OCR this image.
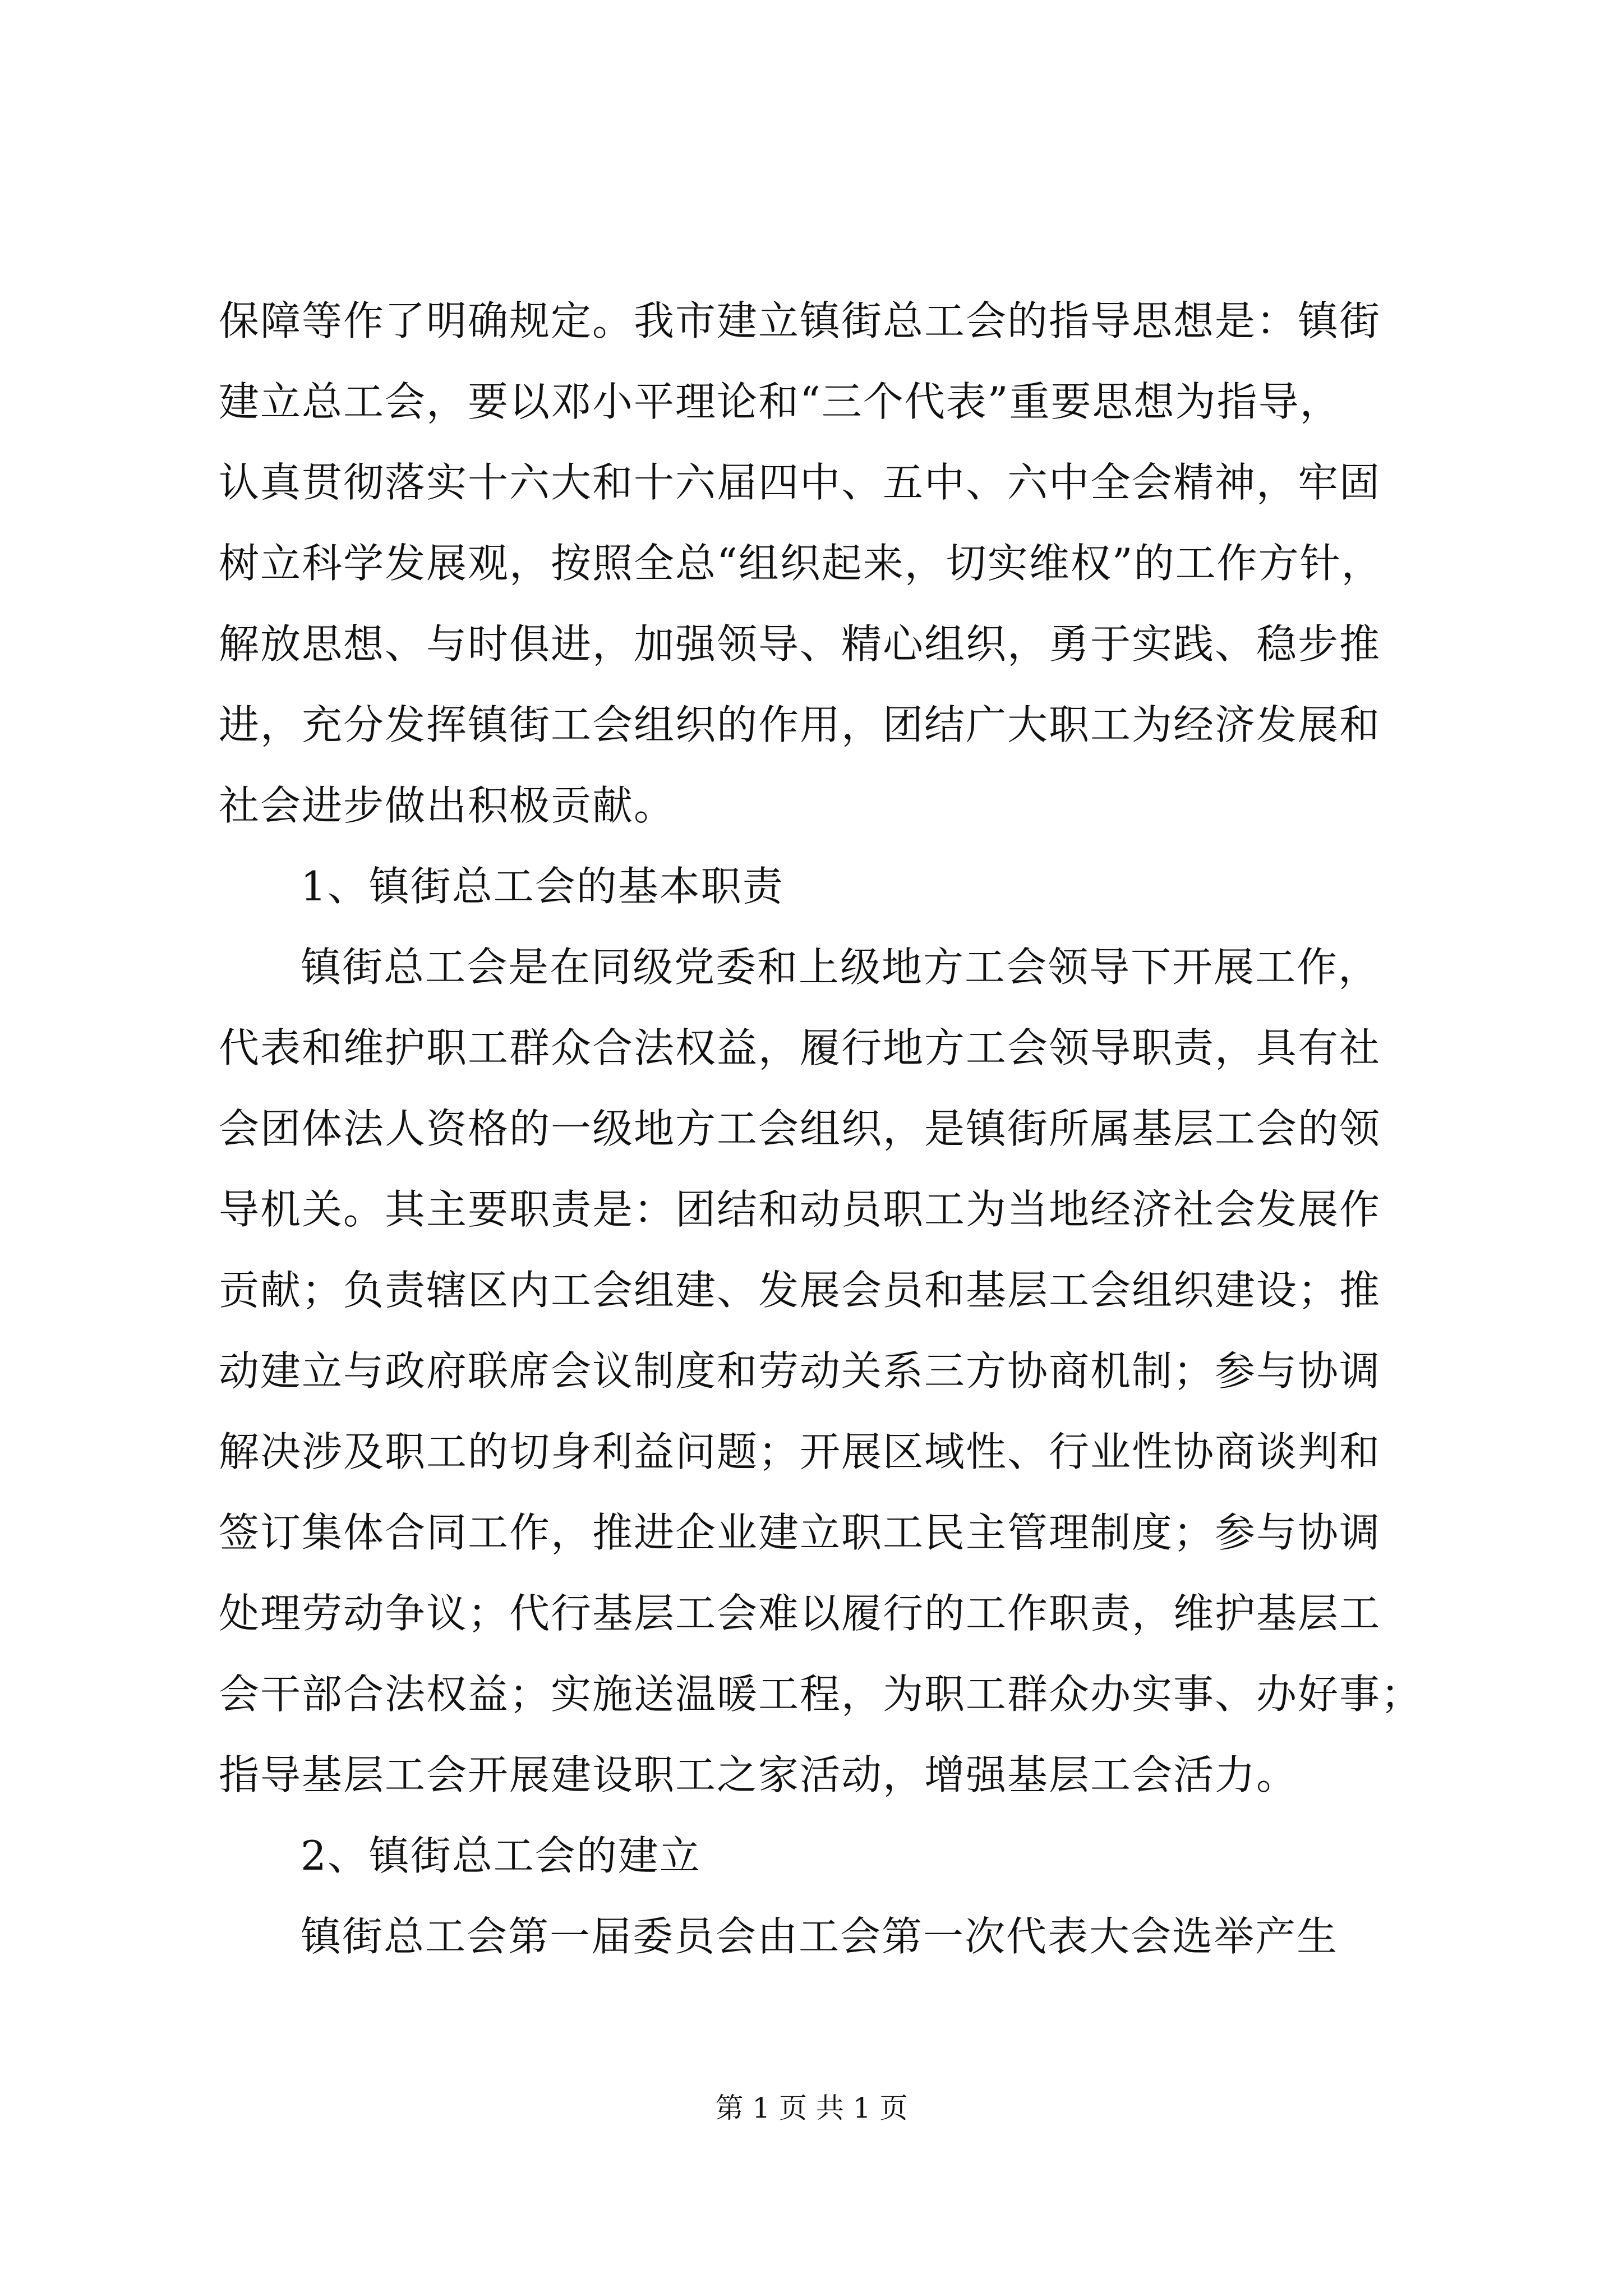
保障等作了明确规定。我市建立镇街总工会的指导思想是：镇街
建立总工会，要以邓小平理论和“三个代表”重要思想为指导，
认真贯彻落实十六大和十六届四中、五中、六中全会精神，牢固
树立科学发展观，按照全总“组织起来，切实维权”的工作方针，
解放思想、与时俱进，加强领导、精心组织，勇于实践、稳步推
进，充分发挥镇街工会组织的作用，团结广大职工为经济发展和
社会进步做出积极贡献。
1、镇街总工会的基本职责
镇街总工会是在同级党委和上级地方工会领导下开展工作，
代表和维护职工群众合法权益，履行地方工会领导职责，具有社
会团体法人资格的一级地方工会组织，是镇街所属基层工会的领
导机关。其主要职责是：团结和动员职工为当地经济社会发展作
贡献；负责辖区内工会组建、发展会员和基层工会组织建设；推
动建立与政府联席会议制度和劳动关系三方协商机制；参与协调
解决涉及职工的切身利益问题；开展区域性、行业性协商谈判和
签订集体合同工作，推进企业建立职工民主管理制度；参与协调
处理劳动争议；代行基层工会难以履行的工作职责，维护基层工
会干部合法权益；实施送温暖工程，为职工群众办实事、办好事；
指导基层工会开展建设职工之家活动，增强基层工会活力。
2、镇街总工会的建立
镇街总工会第一届委员会由工会第一次代表大会选举产生
第 1 页 共 1 页
